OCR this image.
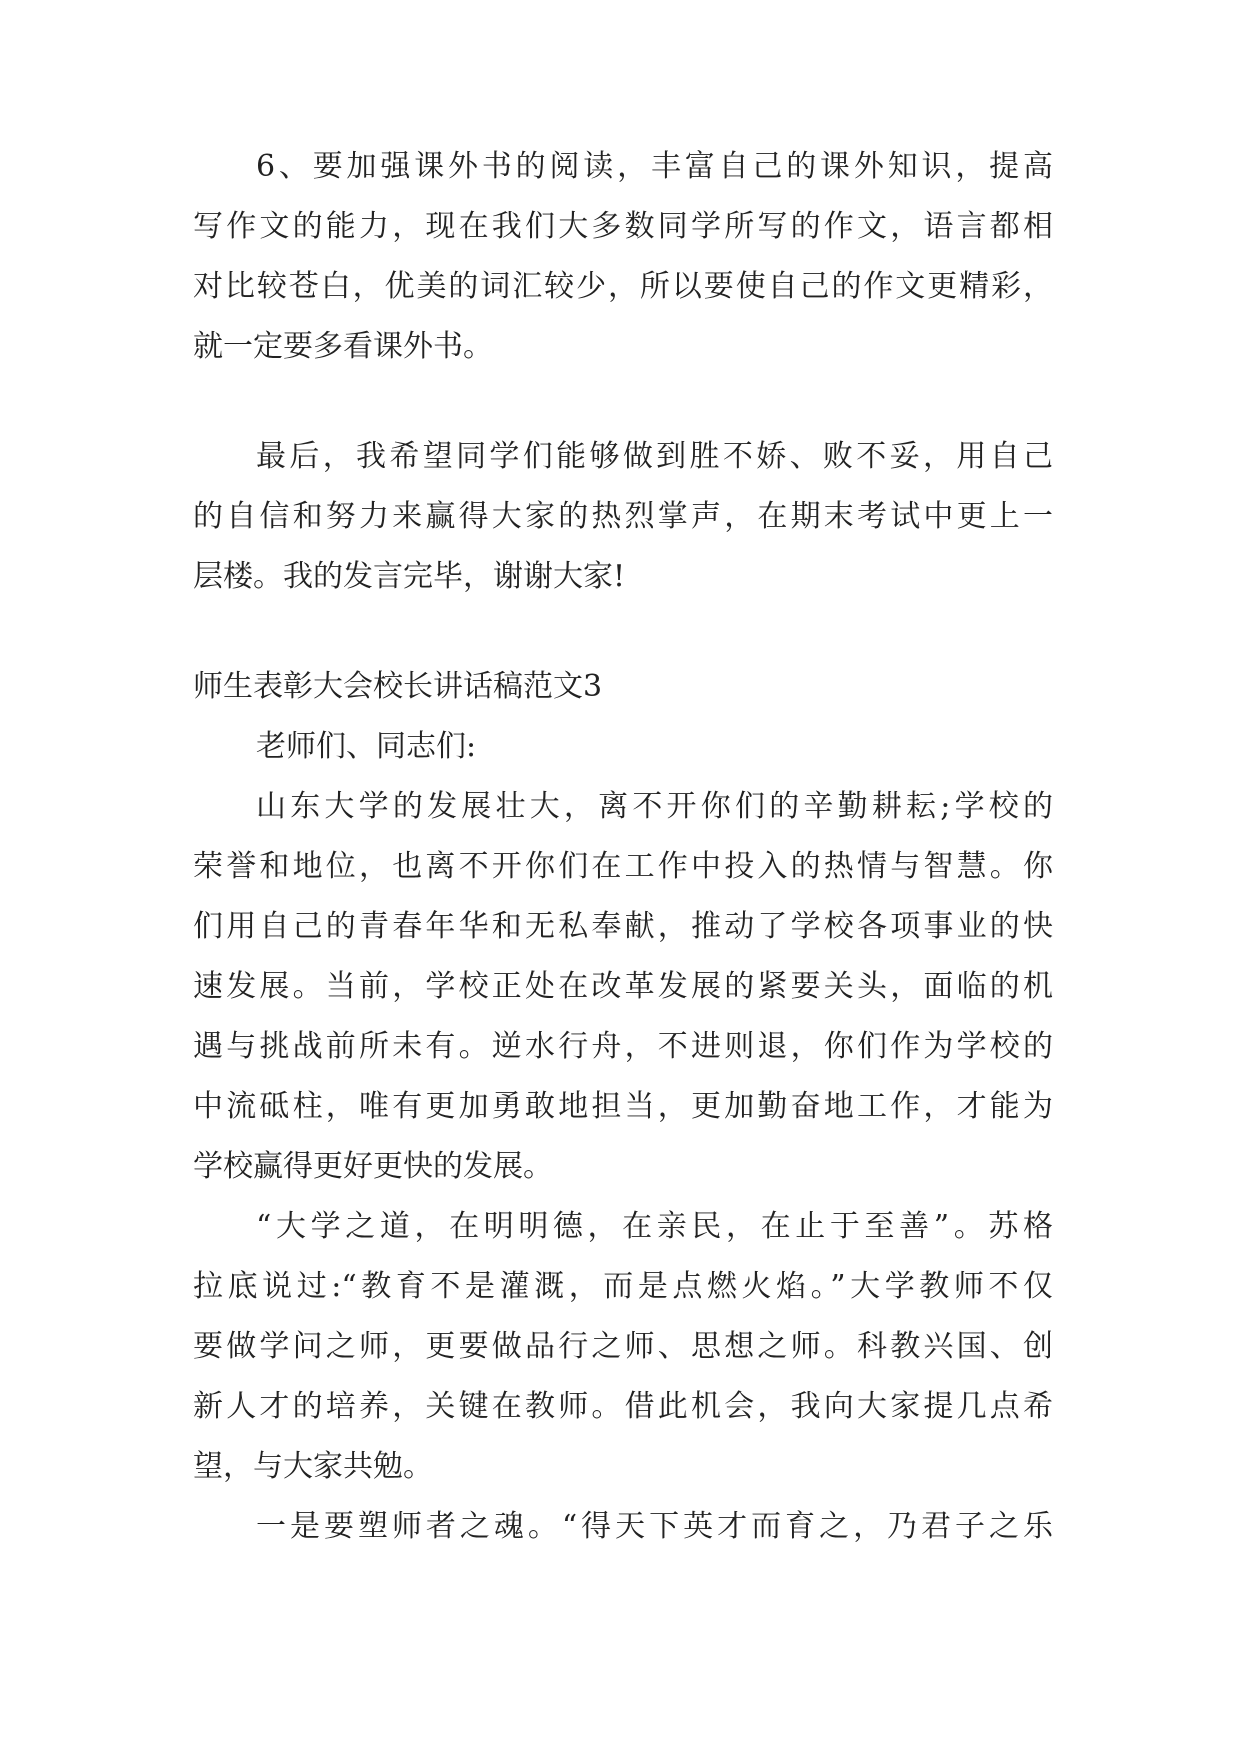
6、要加强课外书的阅读，丰富自己的课外知识，提高

写作文的能力，现在我们大多数同学所写的作文，语言都相

对比较苍白，优美的词汇较少，所以要使自己的作文更精彩，

就一定要多看课外书。

最后，我希望同学们能够做到胜不娇、败不妥，用自己

的自信和努力来赢得大家的热烈掌声，在期末考试中更上一

层楼。我的发言完毕，谢谢大家!

师生表彰大会校长讲话稿范文3

老师们、同志们:

山东大学的发展壮大，离不开你们的辛勤耕耘;学校的

荣誉和地位，也离不开你们在工作中投入的热情与智慧。你

们用自己的青春年华和无私奉献，推动了学校各项事业的快

速发展。当前，学校正处在改革发展的紧要关头，面临的机

遇与挑战前所未有。逆水行舟，不进则退，你们作为学校的

中流砥柱，唯有更加勇敢地担当，更加勤奋地工作，才能为

学校赢得更好更快的发展。

“大学之道，在明明德，在亲民，在止于至善”。苏格

拉底说过:“教育不是灌溉，而是点燃火焰。”大学教师不仅

要做学问之师，更要做品行之师、思想之师。科教兴国、创

新人才的培养，关键在教师。借此机会，我向大家提几点希

望，与大家共勉。

一是要塑师者之魂。“得天下英才而育之，乃君子之乐
